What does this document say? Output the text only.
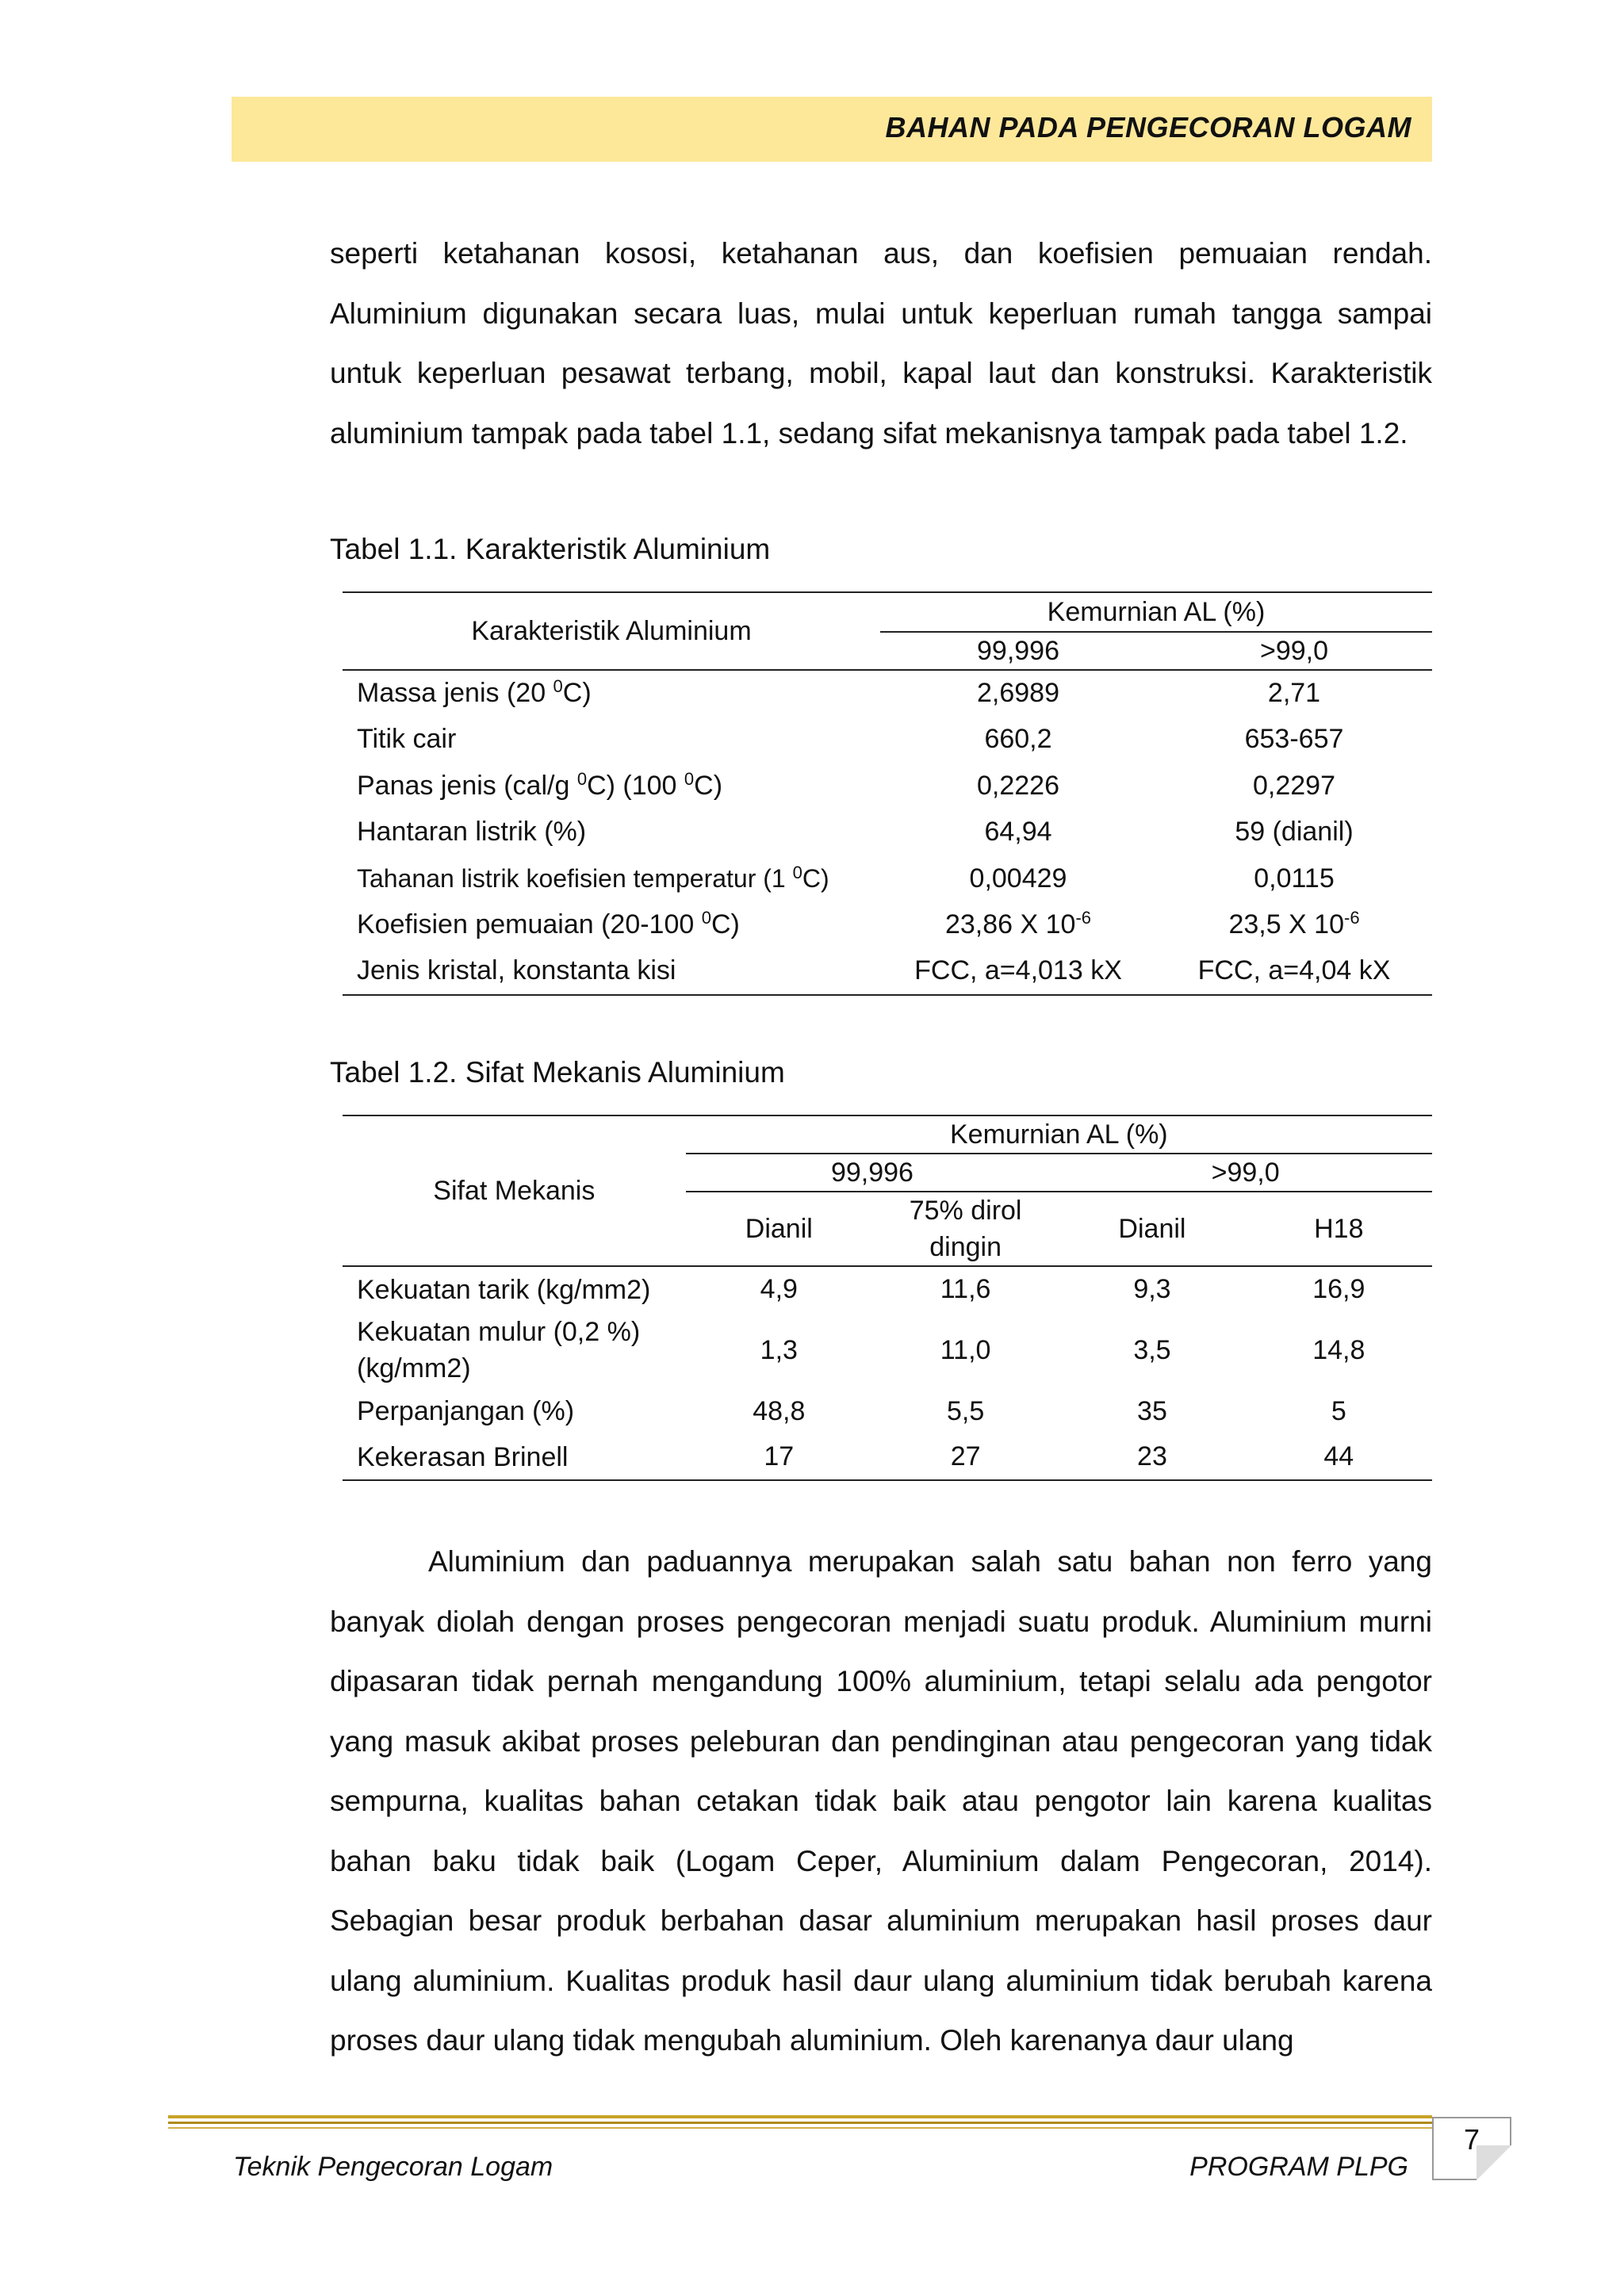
BAHAN PADA PENGECORAN LOGAM
seperti ketahanan kososi, ketahanan aus, dan koefisien pemuaian rendah. Aluminium digunakan secara luas, mulai untuk keperluan rumah tangga sampai untuk keperluan pesawat terbang, mobil, kapal laut dan konstruksi. Karakteristik aluminium tampak pada tabel 1.1, sedang sifat mekanisnya tampak pada tabel 1.2.
Tabel 1.1. Karakteristik Aluminium
Karakteristik Aluminium	Kemurnian AL (%)	
	99,996	>99,0
Massa jenis (20 $^0$C)	2,6989	2,71
Titik cair	660,2	653-657
Panas jenis (cal/g $^0$C) (100 $^0$C)	0,2226	0,2297
Hantaran listrik (%)	64,94	59 (dianil)
Tahanan listrik koefisien temperatur (1 $^0$C)	0,00429	0,0115
Koefisien pemuaian (20-100 $^0$C)	23,86 X $10^{-6}$	23,5 X $10^{-6}$
Jenis kristal, konstanta kisi	FCC, a=4,013 kX	FCC, a=4,04 kX
Tabel 1.2. Sifat Mekanis Aluminium
Sifat Mekanis	Kemurnian AL (%)			
	99,996		>99,0	
	Dianil	75% dirol dingin	Dianil	H18
Kekuatan tarik (kg/mm2)	4,9	11,6	9,3	16,9
Kekuatan mulur (0,2 %) (kg/mm2)	1,3	11,0	3,5	14,8
Perpanjangan (%)	48,8	5,5	35	5
Kekerasan Brinell	17	27	23	44
Aluminium dan paduannya merupakan salah satu bahan non ferro yang banyak diolah dengan proses pengecoran menjadi suatu produk. Aluminium murni dipasaran tidak pernah mengandung 100% aluminium, tetapi selalu ada pengotor yang masuk akibat proses peleburan dan pendinginan atau pengecoran yang tidak sempurna, kualitas bahan cetakan tidak baik atau pengotor lain karena kualitas bahan baku tidak baik (Logam Ceper, Aluminium dalam Pengecoran, 2014). Sebagian besar produk berbahan dasar aluminium merupakan hasil proses daur ulang aluminium. Kualitas produk hasil daur ulang aluminium tidak berubah karena proses daur ulang tidak mengubah aluminium. Oleh karenanya daur ulang
Teknik Pengecoran Logam	PROGRAM PLPG
7
